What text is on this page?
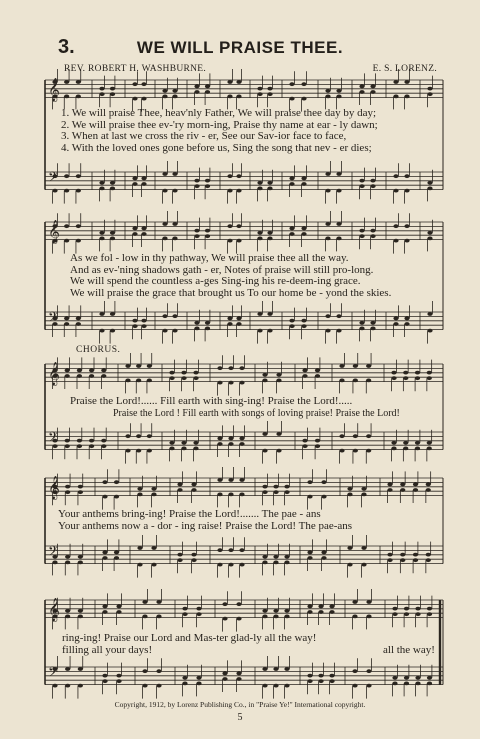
3.	WE WILL PRAISE THEE.
REV. ROBERT H. WASHBURNE.	E. S. LORENZ.
𝄞
𝄢
𝄞
𝄢
𝄞
𝄢
𝄞
𝄢
𝄞
𝄢
1. We will praise Thee, heav'nly Father, We will praise thee day by day;
2. We will praise thee ev-'ry morn-ing, Praise thy name at ear - ly dawn;
3. When at last we cross the riv - er, See our Sav-ior face to face,
4. With the loved ones gone before us, Sing the song that nev - er dies;
As we fol - low in thy pathway, We will praise thee all the way.
And as ev-'ning shadows gath - er, Notes of praise will still pro-long.
We will spend the countless a-ges Sing-ing his re-deem-ing grace.
We will praise the grace that brought us To our home be - yond the skies.
CHORUS.
Praise the Lord!...... Fill earth with sing-ing! Praise the Lord!.....
Praise the Lord ! Fill earth with songs of loving praise! Praise the Lord!
Your anthems bring-ing! Praise the Lord!....... The pae - ans
Your anthems now a - dor - ing raise! Praise the Lord! The pae-ans
ring-ing! Praise our Lord and Mas-ter glad-ly all the way!
filling all your days!	all the way!
Copyright, 1912, by Lorenz Publishing Co., in "Praise Ye!" International copyright.
5
